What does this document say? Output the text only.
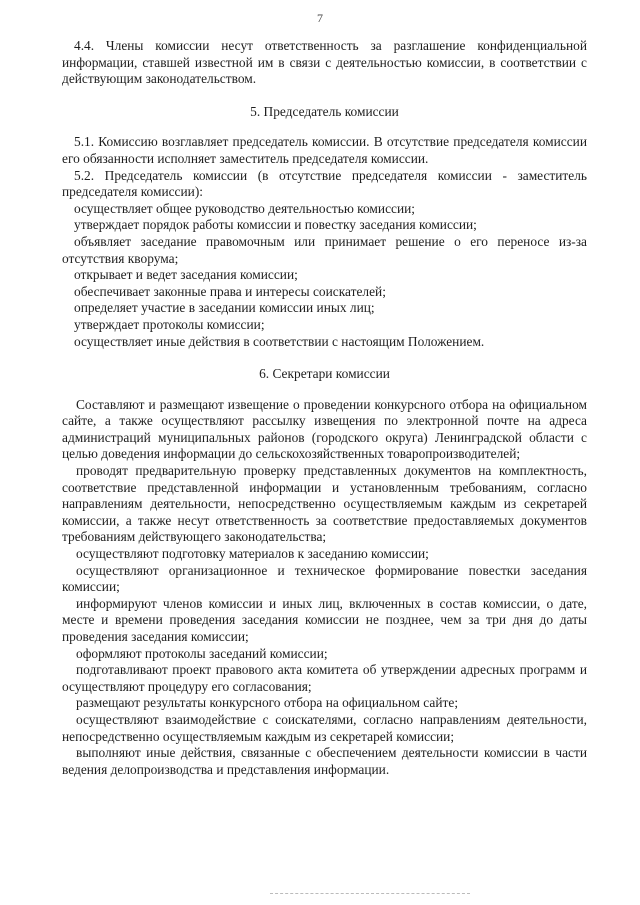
7

4.4. Члены комиссии несут ответственность за разглашение конфиденциальной информации, ставшей известной им в связи с деятельностью комиссии, в соответствии с действующим законодательством.

5. Председатель комиссии

5.1. Комиссию возглавляет председатель комиссии. В отсутствие председателя комиссии его обязанности исполняет заместитель председателя комиссии.

5.2. Председатель комиссии (в отсутствие председателя комиссии - заместитель председателя комиссии):

осуществляет общее руководство деятельностью комиссии;

утверждает порядок работы комиссии и повестку заседания комиссии;

объявляет заседание правомочным или принимает решение о его переносе из-за отсутствия кворума;

открывает и ведет заседания комиссии;

обеспечивает законные права и интересы соискателей;

определяет участие в заседании комиссии иных лиц;

утверждает протоколы комиссии;

осуществляет иные действия в соответствии с настоящим Положением.

6. Секретари комиссии

Составляют и размещают извещение о проведении конкурсного отбора на официальном сайте, а также осуществляют рассылку извещения по электронной почте на адреса администраций муниципальных районов (городского округа) Ленинградской области с целью доведения информации до сельскохозяйственных товаропроизводителей;

проводят предварительную проверку представленных документов на комплектность, соответствие представленной информации и установленным требованиям, согласно направлениям деятельности, непосредственно осуществляемым каждым из секретарей комиссии, а также несут ответственность за соответствие предоставляемых документов требованиям действующего законодательства;

осуществляют подготовку материалов к заседанию комиссии;

осуществляют организационное и техническое формирование повестки заседания комиссии;

информируют членов комиссии и иных лиц, включенных в состав комиссии, о дате, месте и времени проведения заседания комиссии не позднее, чем за три дня до даты проведения заседания комиссии;

оформляют протоколы заседаний комиссии;

подготавливают проект правового акта комитета об утверждении адресных программ и осуществляют процедуру его согласования;

размещают результаты конкурсного отбора на официальном сайте;

осуществляют взаимодействие с соискателями, согласно направлениям деятельности, непосредственно осуществляемым каждым из секретарей комиссии;

выполняют иные действия, связанные с обеспечением деятельности комиссии в части ведения делопроизводства и представления информации.
